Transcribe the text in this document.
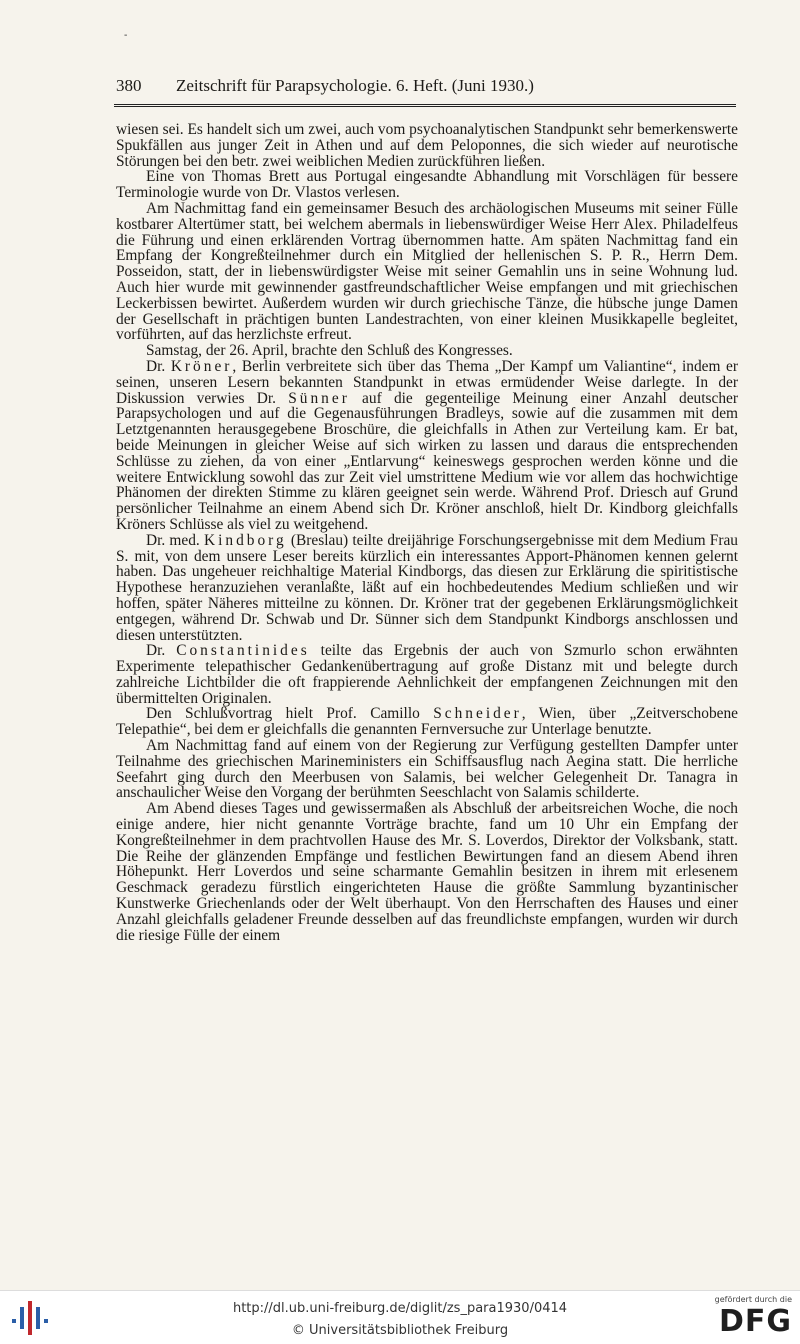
-
380	Zeitschrift für Parapsychologie. 6. Heft. (Juni 1930.)

wiesen sei. Es handelt sich um zwei, auch vom psychoanalytischen Standpunkt sehr bemerkenswerte Spukfällen aus junger Zeit in Athen und auf dem Peloponnes, die sich wieder auf neurotische Störungen bei den betr. zwei weiblichen Medien zurückführen ließen.

Eine von Thomas Brett aus Portugal eingesandte Abhandlung mit Vorschlägen für bessere Terminologie wurde von Dr. Vlastos verlesen.

Am Nachmittag fand ein gemeinsamer Besuch des archäologischen Museums mit seiner Fülle kostbarer Altertümer statt, bei welchem abermals in liebenswürdiger Weise Herr Alex. Philadelfeus die Führung und einen erklärenden Vortrag übernommen hatte. Am späten Nachmittag fand ein Empfang der Kongreßteilnehmer durch ein Mitglied der hellenischen S. P. R., Herrn Dem. Posseidon, statt, der in liebenswürdigster Weise mit seiner Gemahlin uns in seine Wohnung lud. Auch hier wurde mit gewinnender gastfreundschaftlicher Weise empfangen und mit griechischen Leckerbissen bewirtet. Außerdem wurden wir durch griechische Tänze, die hübsche junge Damen der Gesellschaft in prächtigen bunten Landestrachten, von einer kleinen Musikkapelle begleitet, vorführten, auf das herzlichste erfreut.

Samstag, der 26. April, brachte den Schluß des Kongresses.

Dr. Kröner, Berlin verbreitete sich über das Thema „Der Kampf um Valiantine“, indem er seinen, unseren Lesern bekannten Standpunkt in etwas ermüdender Weise darlegte. In der Diskussion verwies Dr. Sünner auf die gegenteilige Meinung einer Anzahl deutscher Parapsychologen und auf die Gegenausführungen Bradleys, sowie auf die zusammen mit dem Letztgenannten herausgegebene Broschüre, die gleichfalls in Athen zur Verteilung kam. Er bat, beide Meinungen in gleicher Weise auf sich wirken zu lassen und daraus die entsprechenden Schlüsse zu ziehen, da von einer „Entlarvung“ keineswegs gesprochen werden könne und die weitere Entwicklung sowohl das zur Zeit viel umstrittene Medium wie vor allem das hochwichtige Phänomen der direkten Stimme zu klären geeignet sein werde. Während Prof. Driesch auf Grund persönlicher Teilnahme an einem Abend sich Dr. Kröner anschloß, hielt Dr. Kindborg gleichfalls Kröners Schlüsse als viel zu weitgehend.

Dr. med. Kindborg (Breslau) teilte dreijährige Forschungsergebnisse mit dem Medium Frau S. mit, von dem unsere Leser bereits kürzlich ein interessantes Apport-Phänomen kennen gelernt haben. Das ungeheuer reichhaltige Material Kindborgs, das diesen zur Erklärung die spiritistische Hypothese heranzuziehen veranlaßte, läßt auf ein hochbedeutendes Medium schließen und wir hoffen, später Näheres mitteilne zu können. Dr. Kröner trat der gegebenen Erklärungsmöglichkeit entgegen, während Dr. Schwab und Dr. Sünner sich dem Standpunkt Kindborgs anschlossen und diesen unterstützten.

Dr. Constantinides teilte das Ergebnis der auch von Szmurlo schon erwähnten Experimente telepathischer Gedankenübertragung auf große Distanz mit und belegte durch zahlreiche Lichtbilder die oft frappierende Aehnlichkeit der empfangenen Zeichnungen mit den übermittelten Originalen.

Den Schlußvortrag hielt Prof. Camillo Schneider, Wien, über „Zeitverschobene Telepathie“, bei dem er gleichfalls die genannten Fernversuche zur Unterlage benutzte.

Am Nachmittag fand auf einem von der Regierung zur Verfügung gestellten Dampfer unter Teilnahme des griechischen Marineministers ein Schiffsausflug nach Aegina statt. Die herrliche Seefahrt ging durch den Meerbusen von Salamis, bei welcher Gelegenheit Dr. Tanagra in anschaulicher Weise den Vorgang der berühmten Seeschlacht von Salamis schilderte.

Am Abend dieses Tages und gewissermaßen als Abschluß der arbeitsreichen Woche, die noch einige andere, hier nicht genannte Vorträge brachte, fand um 10 Uhr ein Empfang der Kongreßteilnehmer in dem prachtvollen Hause des Mr. S. Loverdos, Direktor der Volksbank, statt. Die Reihe der glänzenden Empfänge und festlichen Bewirtungen fand an diesem Abend ihren Höhepunkt. Herr Loverdos und seine scharmante Gemahlin besitzen in ihrem mit erlesenem Geschmack geradezu fürstlich eingerichteten Hause die größte Sammlung byzantinischer Kunstwerke Griechenlands oder der Welt überhaupt. Von den Herrschaften des Hauses und einer Anzahl gleichfalls geladener Freunde desselben auf das freundlichste empfangen, wurden wir durch die riesige Fülle der einem

http://dl.ub.uni-freiburg.de/diglit/zs_para1930/0414
© Universitätsbibliothek Freiburg
gefördert durch die
DFG
